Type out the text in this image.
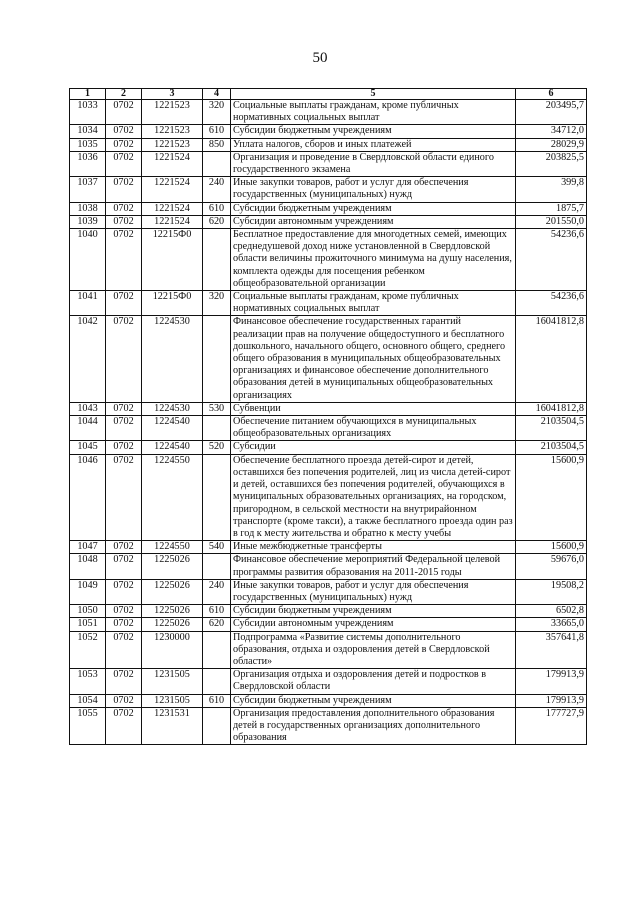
50
1	2	3	4	5	6
1033	0702	1221523	320	Социальные выплаты гражданам, кроме публичных нормативных социальных выплат	203495,7
1034	0702	1221523	610	Субсидии бюджетным учреждениям	34712,0
1035	0702	1221523	850	Уплата налогов, сборов и иных платежей	28029,9
1036	0702	1221524		Организация и проведение в Свердловской области единого государственного экзамена	203825,5
1037	0702	1221524	240	Иные закупки товаров, работ и услуг для обеспечения государственных (муниципальных) нужд	399,8
1038	0702	1221524	610	Субсидии бюджетным учреждениям	1875,7
1039	0702	1221524	620	Субсидии автономным учреждениям	201550,0
1040	0702	12215Ф0		Бесплатное предоставление для многодетных семей, имеющих среднедушевой доход ниже установленной в Свердловской области величины прожиточного минимума на душу населения, комплекта одежды для посещения ребенком общеобразовательной организации	54236,6
1041	0702	12215Ф0	320	Социальные выплаты гражданам, кроме публичных нормативных социальных выплат	54236,6
1042	0702	1224530		Финансовое обеспечение государственных гарантий реализации прав на получение общедоступного и бесплатного дошкольного, начального общего, основного общего, среднего общего образования в муниципальных общеобразовательных организациях и финансовое обеспечение дополнительного образования детей в муниципальных общеобразовательных организациях	16041812,8
1043	0702	1224530	530	Субвенции	16041812,8
1044	0702	1224540		Обеспечение питанием обучающихся в муниципальных общеобразовательных организациях	2103504,5
1045	0702	1224540	520	Субсидии	2103504,5
1046	0702	1224550		Обеспечение бесплатного проезда детей-сирот и детей, оставшихся без попечения родителей, лиц из числа детей-сирот и детей, оставшихся без попечения родителей, обучающихся в муниципальных образовательных организациях, на городском, пригородном, в сельской местности на внутрирайонном транспорте (кроме такси), а также бесплатного проезда один раз в год к месту жительства и обратно к месту учебы	15600,9
1047	0702	1224550	540	Иные межбюджетные трансферты	15600,9
1048	0702	1225026		Финансовое обеспечение мероприятий Федеральной целевой программы развития образования на 2011-2015 годы	59676,0
1049	0702	1225026	240	Иные закупки товаров, работ и услуг для обеспечения государственных (муниципальных) нужд	19508,2
1050	0702	1225026	610	Субсидии бюджетным учреждениям	6502,8
1051	0702	1225026	620	Субсидии автономным учреждениям	33665,0
1052	0702	1230000		Подпрограмма «Развитие системы дополнительного образования, отдыха и оздоровления детей в Свердловской области»	357641,8
1053	0702	1231505		Организация отдыха и оздоровления детей и подростков в Свердловской области	179913,9
1054	0702	1231505	610	Субсидии бюджетным учреждениям	179913,9
1055	0702	1231531		Организация предоставления дополнительного образования детей в государственных организациях дополнительного образования	177727,9
